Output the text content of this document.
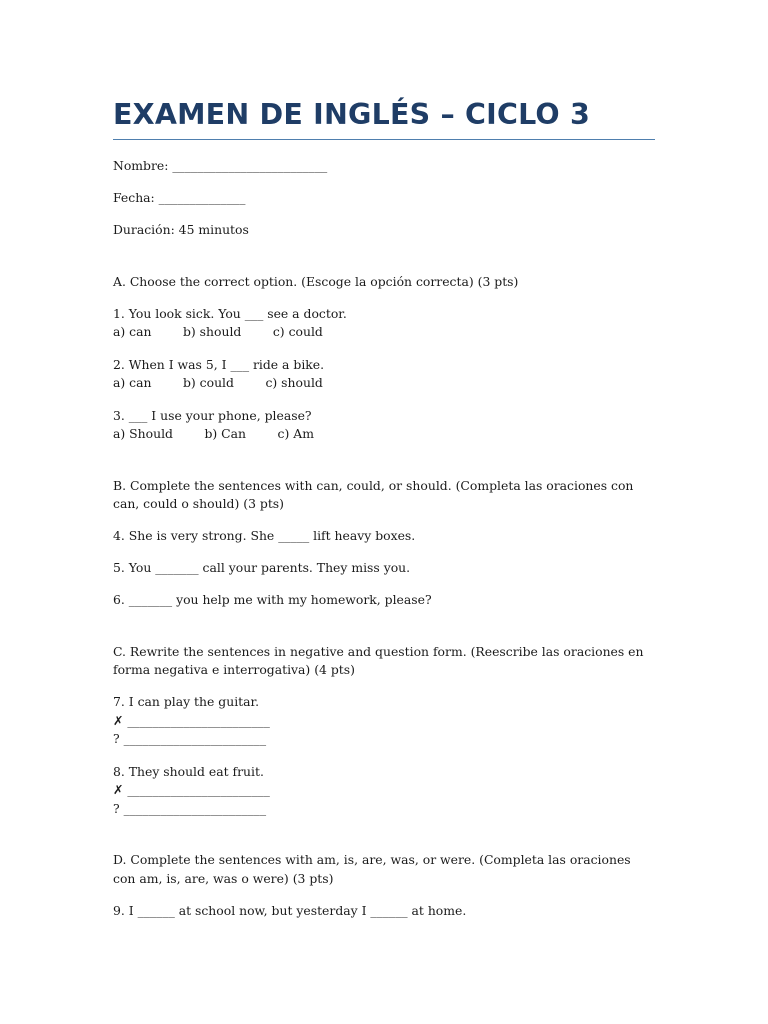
EXAMEN DE INGLÉS – CICLO 3

Nombre: _________________________

Fecha: ______________

Duración: 45 minutos

A. Choose the correct option. (Escoge la opción correcta) (3 pts)

1. You look sick. You ___ see a doctor.

a) can        b) should        c) could

2. When I was 5, I ___ ride a bike.

a) can        b) could        c) should

3. ___ I use your phone, please?

a) Should        b) Can        c) Am

B. Complete the sentences with can, could, or should. (Completa las oraciones con can, could o should) (3 pts)

4. She is very strong. She _____ lift heavy boxes.

5. You _______ call your parents. They miss you.

6. _______ you help me with my homework, please?

C. Rewrite the sentences in negative and question form. (Reescribe las oraciones en forma negativa e interrogativa) (4 pts)

7. I can play the guitar.

✗ _______________________

? _______________________

8. They should eat fruit.

✗ _______________________

? _______________________

D. Complete the sentences with am, is, are, was, or were. (Completa las oraciones con am, is, are, was o were) (3 pts)

9. I ______ at school now, but yesterday I ______ at home.
